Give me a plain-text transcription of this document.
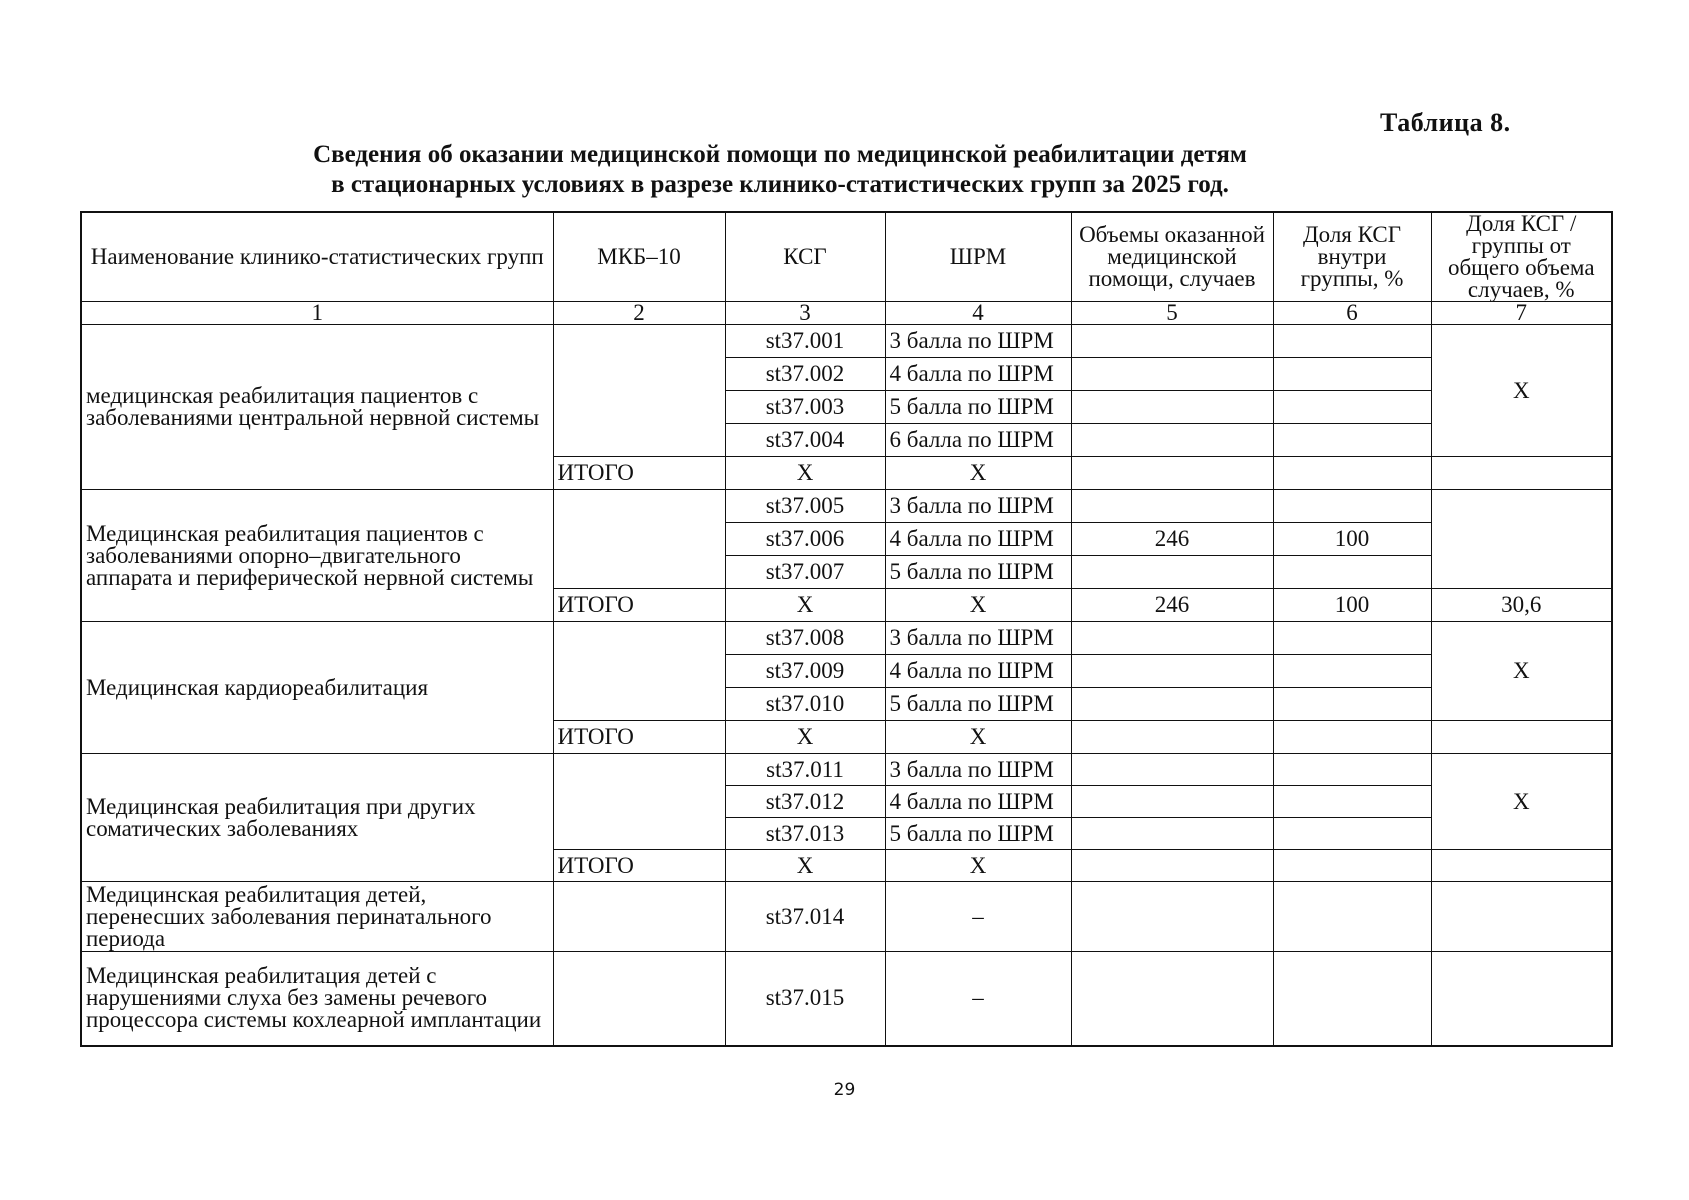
Таблица 8.
Сведения об оказании медицинской помощи по медицинской реабилитации детям
в стационарных условиях в разрезе клинико-статистических групп за 2025 год.
Наименование клинико-статистических групп	МКБ–10	КСГ	ШРМ	Объемы оказанной медицинской помощи, случаев	Доля КСГ внутри группы, %	Доля КСГ / группы от общего объема случаев, %
1	2	3	4	5	6	7
медицинская реабилитация пациентов с заболеваниями центральной нервной системы		st37.001	3 балла по ШРМ			X
		st37.002	4 балла по ШРМ			
		st37.003	5 балла по ШРМ			
		st37.004	6 балла по ШРМ			
	ИТОГО	X	X			
Медицинская реабилитация пациентов с заболеваниями опорно–двигательного аппарата и периферической нервной системы		st37.005	3 балла по ШРМ			
		st37.006	4 балла по ШРМ	246	100	
		st37.007	5 балла по ШРМ			
	ИТОГО	X	X	246	100	30,6
Медицинская кардиореабилитация		st37.008	3 балла по ШРМ			X
		st37.009	4 балла по ШРМ			
		st37.010	5 балла по ШРМ			
	ИТОГО	X	X			
Медицинская реабилитация при других соматических заболеваниях		st37.011	3 балла по ШРМ			X
		st37.012	4 балла по ШРМ			
		st37.013	5 балла по ШРМ			
	ИТОГО	X	X			
Медицинская реабилитация детей, перенесших заболевания перинатального периода		st37.014	–			
Медицинская реабилитация детей с нарушениями слуха без замены речевого процессора системы кохлеарной имплантации		st37.015	–			
29
